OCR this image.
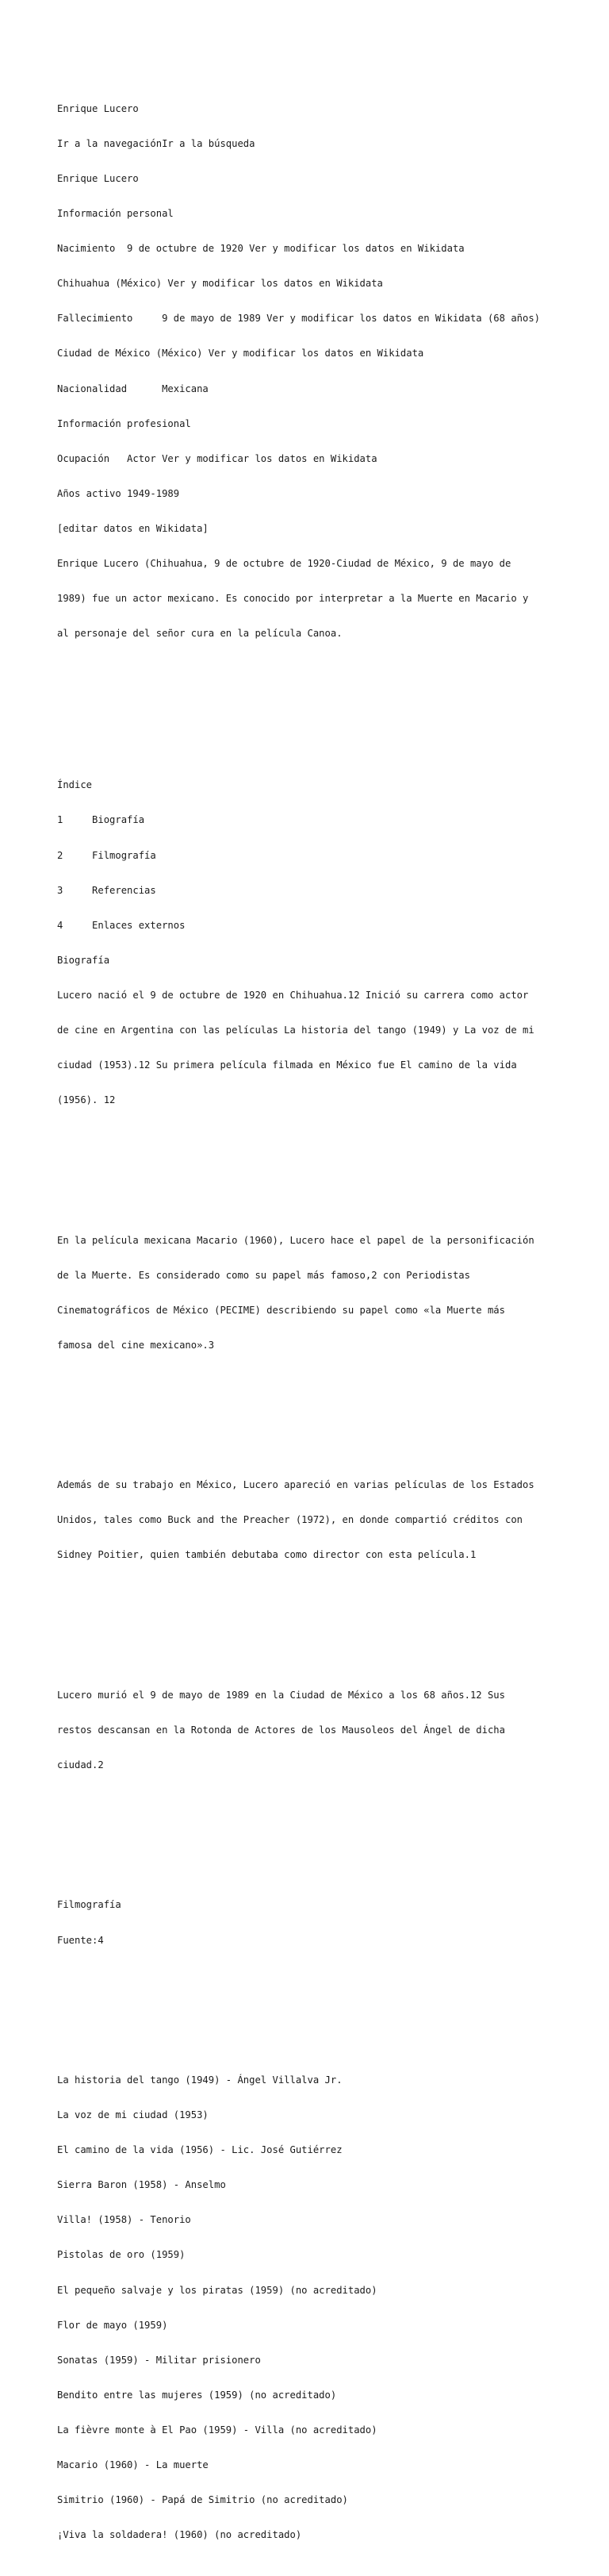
Enrique Lucero

Ir a la navegaciónIr a la búsqueda

Enrique Lucero

Información personal

Nacimiento  9 de octubre de 1920 Ver y modificar los datos en Wikidata

Chihuahua (México) Ver y modificar los datos en Wikidata

Fallecimiento     9 de mayo de 1989 Ver y modificar los datos en Wikidata (68 años)

Ciudad de México (México) Ver y modificar los datos en Wikidata

Nacionalidad      Mexicana

Información profesional

Ocupación   Actor Ver y modificar los datos en Wikidata

Años activo 1949-1989

[editar datos en Wikidata]

Enrique Lucero (Chihuahua, 9 de octubre de 1920-Ciudad de México, 9 de mayo de

1989) fue un actor mexicano. Es conocido por interpretar a la Muerte en Macario y

al personaje del señor cura en la película Canoa.

Índice

1     Biografía

2     Filmografía

3     Referencias

4     Enlaces externos

Biografía

Lucero nació el 9 de octubre de 1920 en Chihuahua.12 Inició su carrera como actor

de cine en Argentina con las películas La historia del tango (1949) y La voz de mi

ciudad (1953).12 Su primera película filmada en México fue El camino de la vida

(1956). 12

En la película mexicana Macario (1960), Lucero hace el papel de la personificación

de la Muerte. Es considerado como su papel más famoso,2 con Periodistas

Cinematográficos de México (PECIME) describiendo su papel como «la Muerte más

famosa del cine mexicano».3

Además de su trabajo en México, Lucero apareció en varias películas de los Estados

Unidos, tales como Buck and the Preacher (1972), en donde compartió créditos con

Sidney Poitier, quien también debutaba como director con esta película.1

Lucero murió el 9 de mayo de 1989 en la Ciudad de México a los 68 años.12 Sus

restos descansan en la Rotonda de Actores de los Mausoleos del Ángel de dicha

ciudad.2

Filmografía

Fuente:4

La historia del tango (1949) - Ángel Villalva Jr.

La voz de mi ciudad (1953)

El camino de la vida (1956) - Lic. José Gutiérrez

Sierra Baron (1958) - Anselmo

Villa! (1958) - Tenorio

Pistolas de oro (1959)

El pequeño salvaje y los piratas (1959) (no acreditado)

Flor de mayo (1959)

Sonatas (1959) - Militar prisionero

Bendito entre las mujeres (1959) (no acreditado)

La fièvre monte à El Pao (1959) - Villa (no acreditado)

Macario (1960) - La muerte

Simitrio (1960) - Papá de Simitrio (no acreditado)

¡Viva la soldadera! (1960) (no acreditado)
